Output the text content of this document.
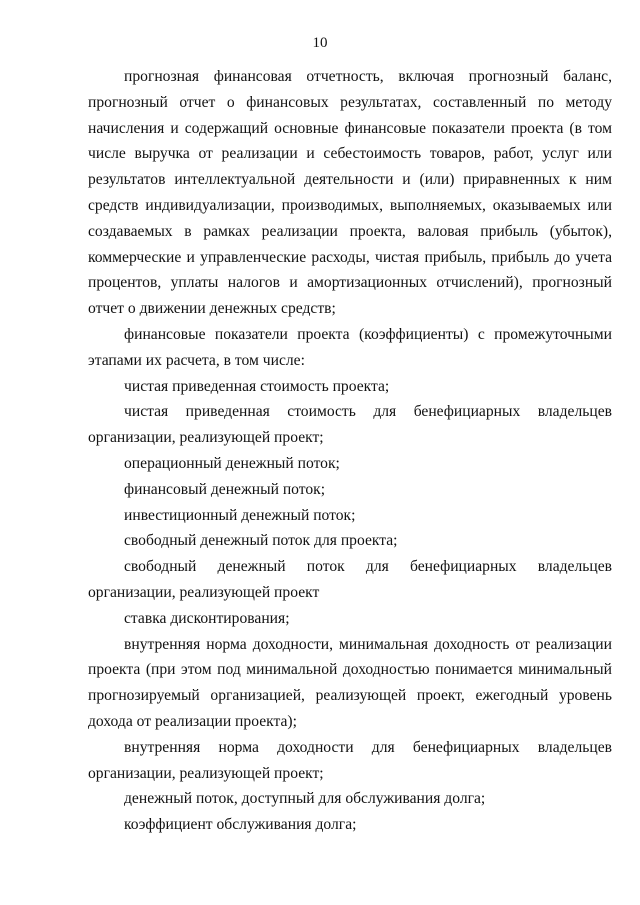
10

прогнозная финансовая отчетность, включая прогнозный баланс, прогнозный отчет о финансовых результатах, составленный по методу начисления и содержащий основные финансовые показатели проекта (в том числе выручка от реализации и себестоимость товаров, работ, услуг или результатов интеллектуальной деятельности и (или) приравненных к ним средств индивидуализации, производимых, выполняемых, оказываемых или создаваемых в рамках реализации проекта, валовая прибыль (убыток), коммерческие и управленческие расходы, чистая прибыль, прибыль до учета процентов, уплаты налогов и амортизационных отчислений), прогнозный отчет о движении денежных средств;

финансовые показатели проекта (коэффициенты) с промежуточными этапами их расчета, в том числе:

чистая приведенная стоимость проекта;

чистая приведенная стоимость для бенефициарных владельцев организации, реализующей проект;

операционный денежный поток;

финансовый денежный поток;

инвестиционный денежный поток;

свободный денежный поток для проекта;

свободный денежный поток для бенефициарных владельцев организации, реализующей проект

ставка дисконтирования;

внутренняя норма доходности, минимальная доходность от реализации проекта (при этом под минимальной доходностью понимается минимальный прогнозируемый организацией, реализующей проект, ежегодный уровень дохода от реализации проекта);

внутренняя норма доходности для бенефициарных владельцев организации, реализующей проект;

денежный поток, доступный для обслуживания долга;

коэффициент обслуживания долга;
